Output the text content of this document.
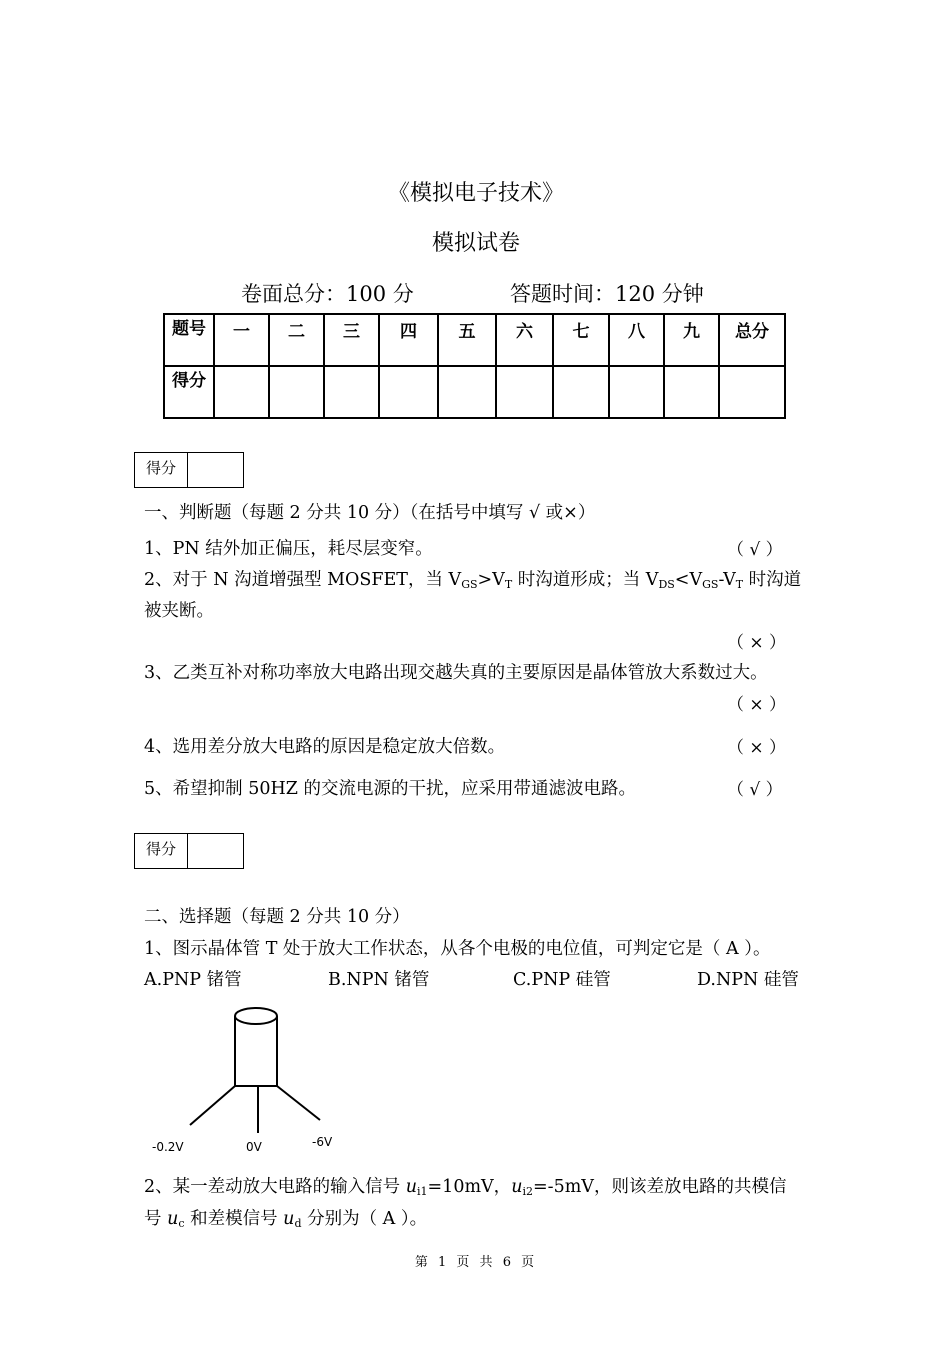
《模拟电子技术》
模拟试卷
卷面总分：100 分	答题时间：120 分钟
题号	一	二	三	四	五	六	七	八	九	总分
得分										
得分
一、判断题（每题 2 分共 10 分）（在括号中填写 √ 或×）
1、PN 结外加正偏压，耗尽层变窄。	（ √ ）
2、对于 N 沟道增强型 MOSFET，当 $V_{GS}>V_T$ 时沟道形成；当 $V_{DS}<V_{GS}-V_T$ 时沟道
被夹断。
（ × ）
3、乙类互补对称功率放大电路出现交越失真的主要原因是晶体管放大系数过大。
（ × ）
4、选用差分放大电路的原因是稳定放大倍数。	（ × ）
5、希望抑制 50HZ 的交流电源的干扰，应采用带通滤波电路。	（ √ ）
得分
二、选择题（每题 2 分共 10 分）
1、图示晶体管 T 处于放大工作状态，从各个电极的电位值，可判定它是（ A ）。
A.PNP 锗管	B.NPN 锗管	C.PNP 硅管	D.NPN 硅管
-0.2V	0V	-6V
2、某一差动放大电路的输入信号 $u_{i1}=10mV$，$u_{i2}=-5mV$，则该差放电路的共模信
号 $u_c$ 和差模信号 $u_d$ 分别为（ A ）。
第 1 页 共 6 页
